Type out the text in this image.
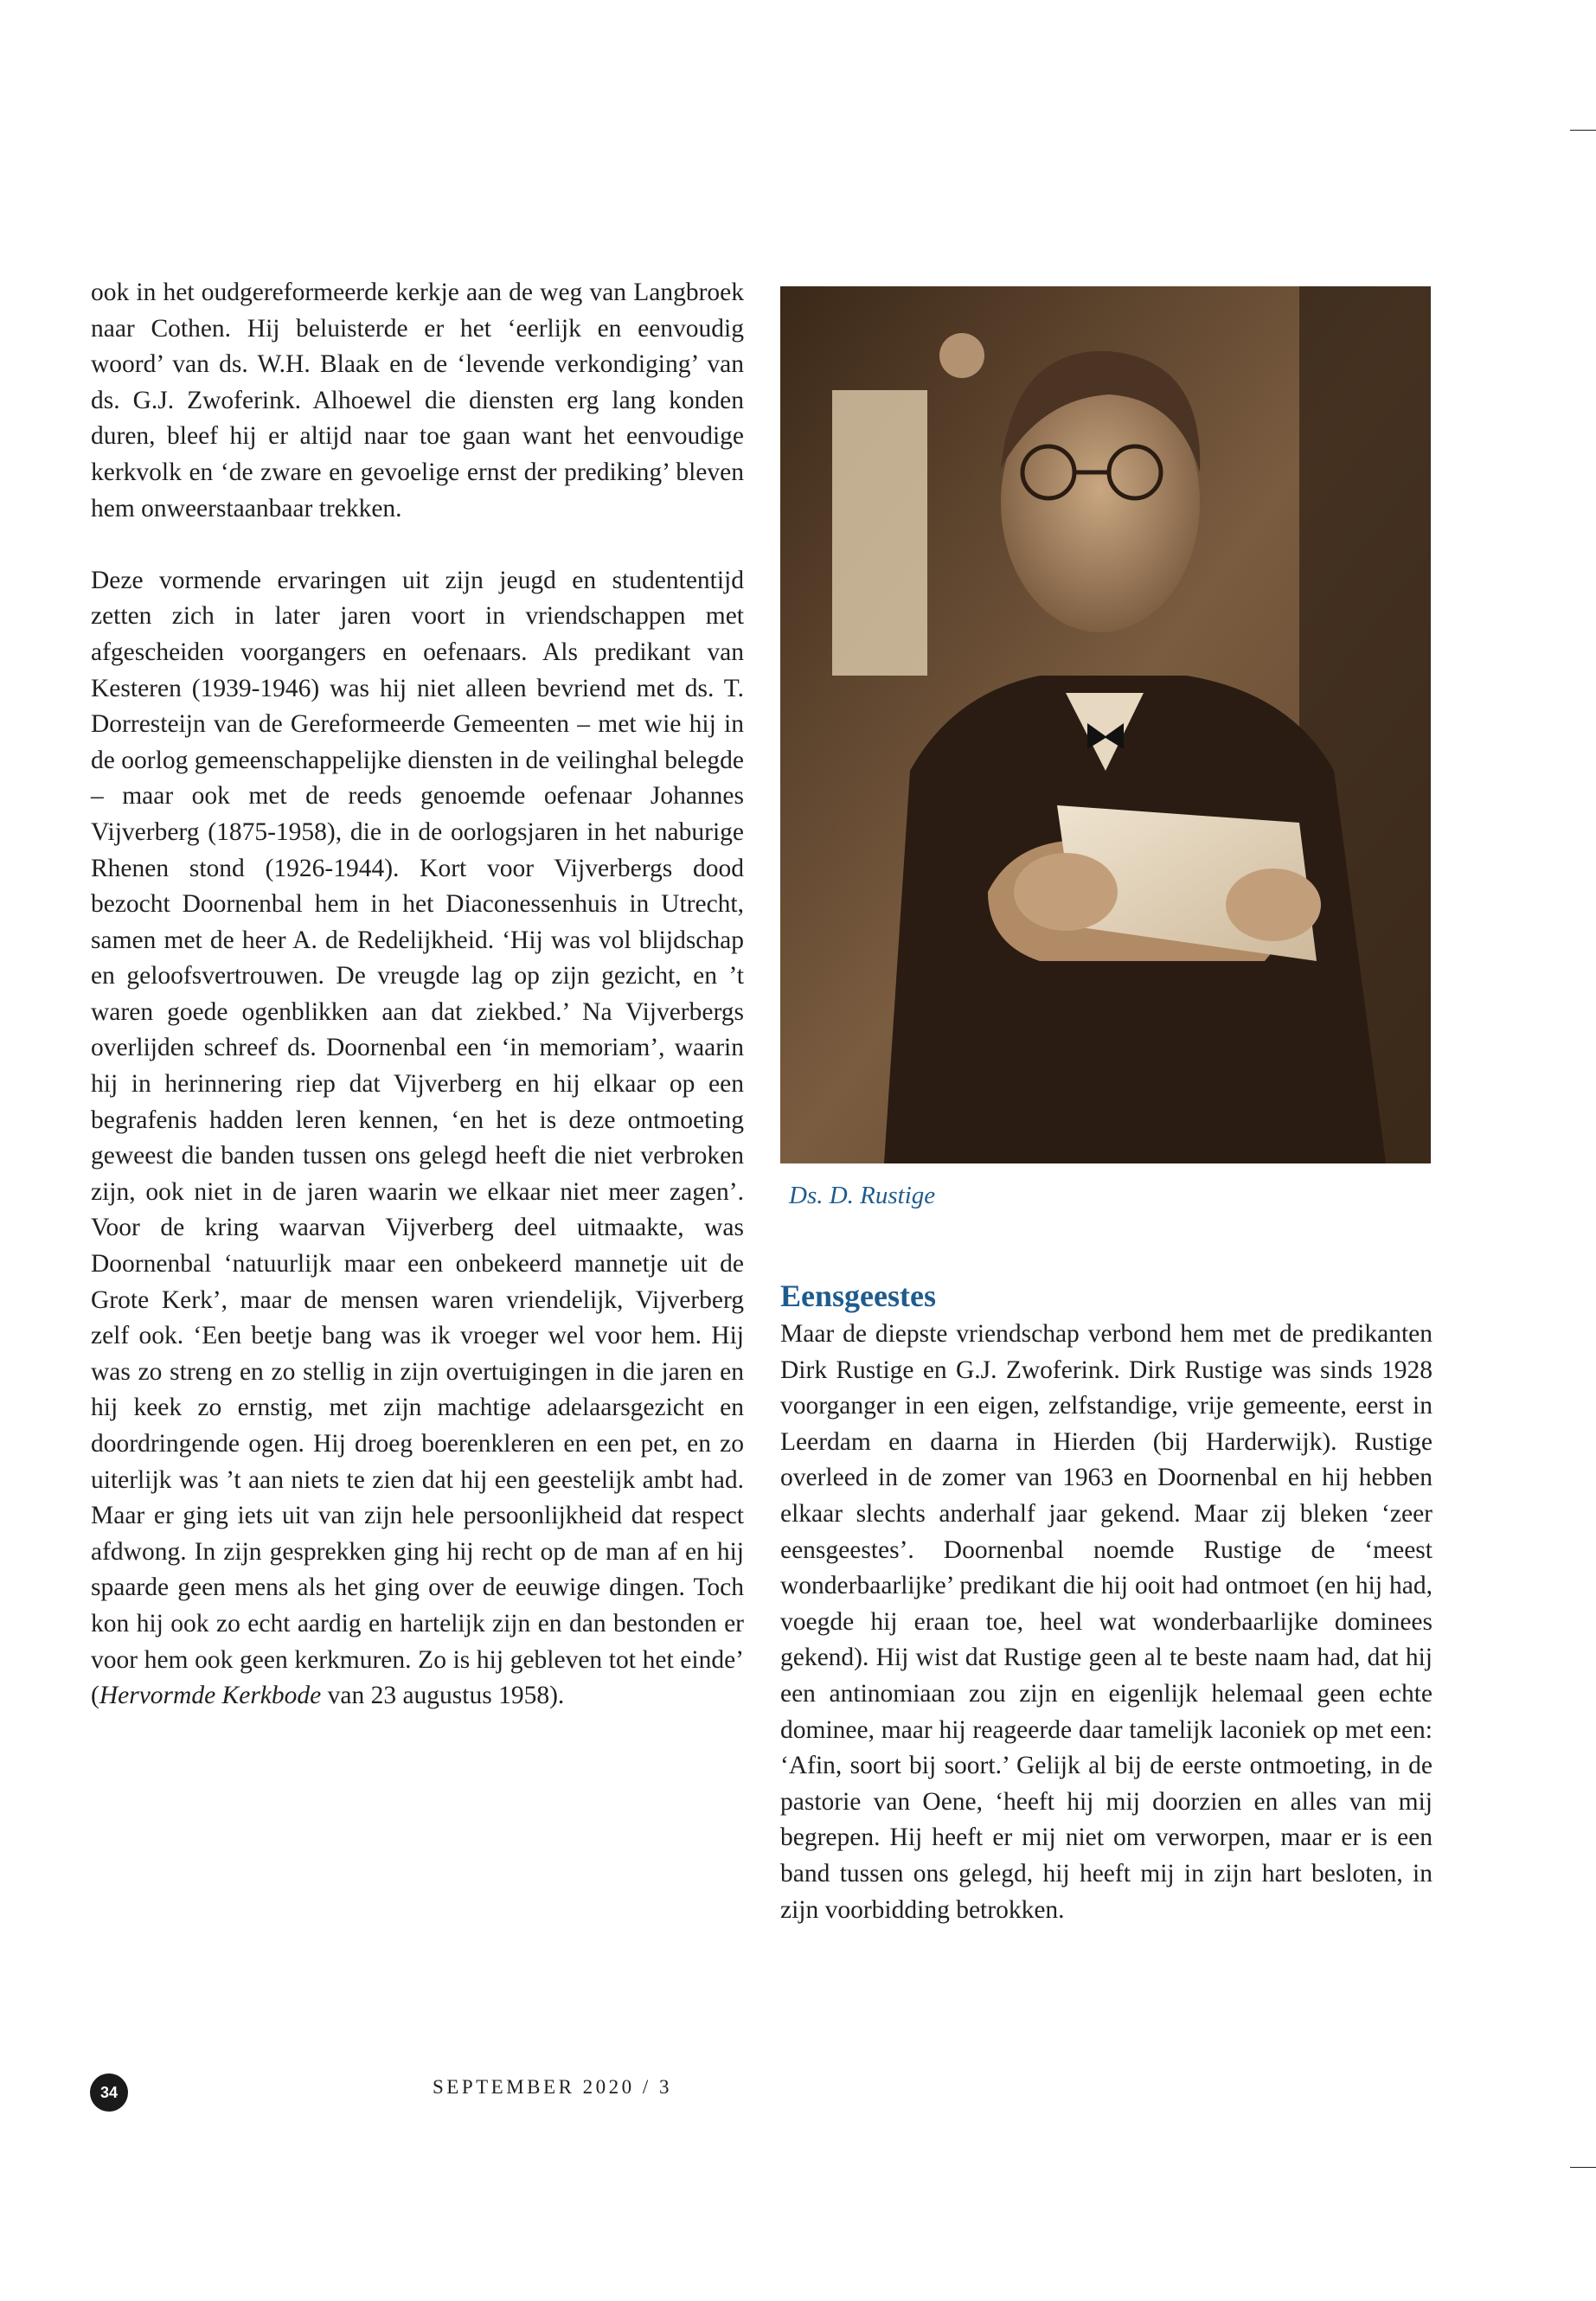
ook in het oudgereformeerde kerkje aan de weg van Langbroek naar Cothen. Hij beluisterde er het ‘eerlijk en eenvoudig woord’ van ds. W.H. Blaak en de ‘levende verkondiging’ van ds. G.J. Zwoferink. Alhoewel die diensten erg lang konden duren, bleef hij er altijd naar toe gaan want het eenvoudige kerkvolk en ‘de zware en gevoelige ernst der prediking’ bleven hem onweerstaanbaar trekken.

Deze vormende ervaringen uit zijn jeugd en studententijd zetten zich in later jaren voort in vriendschappen met afgescheiden voorgangers en oefenaars. Als predikant van Kesteren (1939-1946) was hij niet alleen bevriend met ds. T. Dorresteijn van de Gereformeerde Gemeenten – met wie hij in de oorlog gemeenschappelijke diensten in de veilinghal belegde – maar ook met de reeds genoemde oefenaar Johannes Vijverberg (1875-1958), die in de oorlogsjaren in het naburige Rhenen stond (1926-1944). Kort voor Vijverbergs dood bezocht Doornenbal hem in het Diaconessenhuis in Utrecht, samen met de heer A. de Redelijkheid. ‘Hij was vol blijdschap en geloofsvertrouwen. De vreugde lag op zijn gezicht, en ’t waren goede ogenblikken aan dat ziekbed.’ Na Vijverbergs overlijden schreef ds. Doornenbal een ‘in memoriam’, waarin hij in herinnering riep dat Vijverberg en hij elkaar op een begrafenis hadden leren kennen, ‘en het is deze ontmoeting geweest die banden tussen ons gelegd heeft die niet verbroken zijn, ook niet in de jaren waarin we elkaar niet meer zagen’. Voor de kring waarvan Vijverberg deel uitmaakte, was Doornenbal ‘natuurlijk maar een onbekeerd mannetje uit de Grote Kerk’, maar de mensen waren vriendelijk, Vijverberg zelf ook. ‘Een beetje bang was ik vroeger wel voor hem. Hij was zo streng en zo stellig in zijn overtuigingen in die jaren en hij keek zo ernstig, met zijn machtige adelaarsgezicht en doordringende ogen. Hij droeg boerenkleren en een pet, en zo uiterlijk was ’t aan niets te zien dat hij een geestelijk ambt had. Maar er ging iets uit van zijn hele persoonlijkheid dat respect afdwong. In zijn gesprekken ging hij recht op de man af en hij spaarde geen mens als het ging over de eeuwige dingen. Toch kon hij ook zo echt aardig en hartelijk zijn en dan bestonden er voor hem ook geen kerkmuren. Zo is hij gebleven tot het einde’ (Hervormde Kerkbode van 23 augustus 1958).

Ds. D. Rustige
Eensgeestes

Maar de diepste vriendschap verbond hem met de predikanten Dirk Rustige en G.J. Zwoferink. Dirk Rustige was sinds 1928 voorganger in een eigen, zelfstandige, vrije gemeente, eerst in Leerdam en daarna in Hierden (bij Harderwijk). Rustige overleed in de zomer van 1963 en Doornenbal en hij hebben elkaar slechts anderhalf jaar gekend. Maar zij bleken ‘zeer eensgeestes’. Doornenbal noemde Rustige de ‘meest wonderbaarlijke’ predikant die hij ooit had ontmoet (en hij had, voegde hij eraan toe, heel wat wonderbaarlijke dominees gekend). Hij wist dat Rustige geen al te beste naam had, dat hij een antinomiaan zou zijn en eigenlijk helemaal geen echte dominee, maar hij reageerde daar tamelijk laconiek op met een: ‘Afin, soort bij soort.’ Gelijk al bij de eerste ontmoeting, in de pastorie van Oene, ‘heeft hij mij doorzien en alles van mij begrepen. Hij heeft er mij niet om verworpen, maar er is een band tussen ons gelegd, hij heeft mij in zijn hart besloten, in zijn voorbidding betrokken.

34	SEPTEMBER 2020 / 3
